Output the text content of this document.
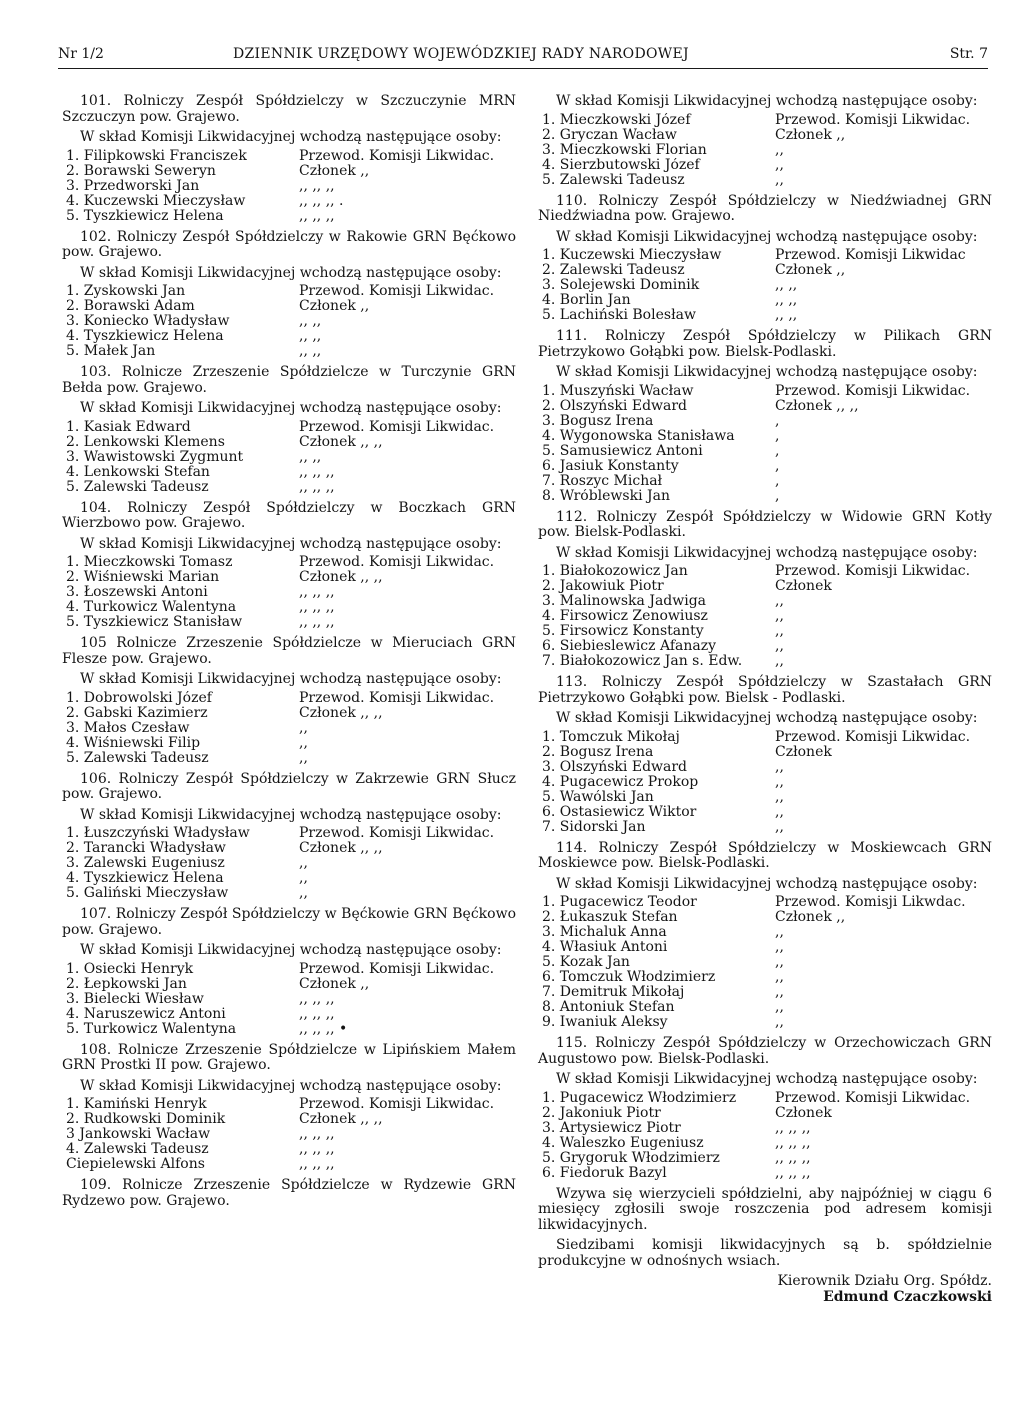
Nr 1/2	DZIENNIK URZĘDOWY WOJEWÓDZKIEJ RADY NARODOWEJ	Str. 7

101. Rolniczy Zespół Spółdzielczy w Szczuczynie MRN Szczuczyn pow. Grajewo.

W skład Komisji Likwidacyjnej wchodzą następujące osoby:

1. Filipkowski Franciszek	Przewod. Komisji Likwidac.
2. Borawski Seweryn	Członek ,,
3. Przedworski Jan	,, ,, ,,
4. Kuczewski Mieczysław	,, ,, ,, .
5. Tyszkiewicz Helena	,, ,, ,,

102. Rolniczy Zespół Spółdzielczy w Rakowie GRN Bęćkowo pow. Grajewo.

W skład Komisji Likwidacyjnej wchodzą następujące osoby:

1. Zyskowski Jan	Przewod. Komisji Likwidac.
2. Borawski Adam	Członek ,,
3. Koniecko Władysław	,, ,,
4. Tyszkiewicz Helena	,, ,,
5. Małek Jan	,, ,,

103. Rolnicze Zrzeszenie Spółdzielcze w Turczynie GRN Bełda pow. Grajewo.

W skład Komisji Likwidacyjnej wchodzą następujące osoby:

1. Kasiak Edward	Przewod. Komisji Likwidac.
2. Lenkowski Klemens	Członek ,, ,,
3. Wawistowski Zygmunt	,, ,,
4. Lenkowski Stefan	,, ,, ,,
5. Zalewski Tadeusz	,, ,, ,,

104. Rolniczy Zespół Spółdzielczy w Boczkach GRN Wierzbowo pow. Grajewo.

W skład Komisji Likwidacyjnej wchodzą następujące osoby:

1. Mieczkowski Tomasz	Przewod. Komisji Likwidac.
2. Wiśniewski Marian	Członek ,, ,,
3. Łoszewski Antoni	,, ,, ,,
4. Turkowicz Walentyna	,, ,, ,,
5. Tyszkiewicz Stanisław	,, ,, ,,

105 Rolnicze Zrzeszenie Spółdzielcze w Mieruciach GRN Flesze pow. Grajewo.

W skład Komisji Likwidacyjnej wchodzą następujące osoby:

1. Dobrowolski Józef	Przewod. Komisji Likwidac.
2. Gabski Kazimierz	Członek ,, ,,
3. Małos Czesław	,,
4. Wiśniewski Filip	,,
5. Zalewski Tadeusz	,,

106. Rolniczy Zespół Spółdzielczy w Zakrzewie GRN Słucz pow. Grajewo.

W skład Komisji Likwidacyjnej wchodzą następujące osoby:

1. Łuszczyński Władysław	Przewod. Komisji Likwidac.
2. Tarancki Władysław	Członek ,, ,,
3. Zalewski Eugeniusz	,,
4. Tyszkiewicz Helena	,,
5. Galiński Mieczysław	,,

107. Rolniczy Zespół Spółdzielczy w Bęćkowie GRN Bęćkowo pow. Grajewo.

W skład Komisji Likwidacyjnej wchodzą następujące osoby:

1. Osiecki Henryk	Przewod. Komisji Likwidac.
2. Łepkowski Jan	Członek ,,
3. Bielecki Wiesław	,, ,, ,,
4. Naruszewicz Antoni	,, ,, ,,
5. Turkowicz Walentyna	,, ,, ,, •

108. Rolnicze Zrzeszenie Spółdzielcze w Lipińskiem Małem GRN Prostki II pow. Grajewo.

W skład Komisji Likwidacyjnej wchodzą następujące osoby:

1. Kamiński Henryk	Przewod. Komisji Likwidac.
2. Rudkowski Dominik	Członek ,, ,,
3 Jankowski Wacław	,, ,, ,,
4. Zalewski Tadeusz	,, ,, ,,
Ciepielewski Alfons	,, ,, ,,

109. Rolnicze Zrzeszenie Spółdzielcze w Rydzewie GRN Rydzewo pow. Grajewo.

W skład Komisji Likwidacyjnej wchodzą następujące osoby:

1. Mieczkowski Józef	Przewod. Komisji Likwidac.
2. Gryczan Wacław	Członek ,,
3. Mieczkowski Florian	,,
4. Sierzbutowski Józef	,,
5. Zalewski Tadeusz	,,

110. Rolniczy Zespół Spółdzielczy w Niedźwiadnej GRN Niedźwiadna pow. Grajewo.

W skład Komisji Likwidacyjnej wchodzą następujące osoby:

1. Kuczewski Mieczysław	Przewod. Komisji Likwidac
2. Zalewski Tadeusz	Członek ,,
3. Solejewski Dominik	,, ,,
4. Borlin Jan	,, ,,
5. Lachiński Bolesław	,, ,,

111. Rolniczy Zespół Spółdzielczy w Pilikach GRN Pietrzykowo Gołąbki pow. Bielsk-Podlaski.

W skład Komisji Likwidacyjnej wchodzą następujące osoby:

1. Muszyński Wacław	Przewod. Komisji Likwidac.
2. Olszyński Edward	Członek ,, ,,
3. Bogusz Irena	,
4. Wygonowska Stanisława	,
5. Samusiewicz Antoni	,
6. Jasiuk Konstanty	,
7. Roszyc Michał	,
8. Wróblewski Jan	,

112. Rolniczy Zespół Spółdzielczy w Widowie GRN Kotły pow. Bielsk-Podlaski.

W skład Komisji Likwidacyjnej wchodzą następujące osoby:

1. Białokozowicz Jan	Przewod. Komisji Likwidac.
2. Jakowiuk Piotr	Członek
3. Malinowska Jadwiga	,,
4. Firsowicz Zenowiusz	,,
5. Firsowicz Konstanty	,,
6. Siebieslewicz Afanazy	,,
7. Białokozowicz Jan s. Edw.	,,

113. Rolniczy Zespół Spółdzielczy w Szastałach GRN Pietrzykowo Gołąbki pow. Bielsk - Podlaski.

W skład Komisji Likwidacyjnej wchodzą następujące osoby:

1. Tomczuk Mikołaj	Przewod. Komisji Likwidac.
2. Bogusz Irena	Członek
3. Olszyński Edward	,,
4. Pugacewicz Prokop	,,
5. Wawólski Jan	,,
6. Ostasiewicz Wiktor	,,
7. Sidorski Jan	,,

114. Rolniczy Zespół Spółdzielczy w Moskiewcach GRN Moskiewce pow. Bielsk-Podlaski.

W skład Komisji Likwidacyjnej wchodzą następujące osoby:

1. Pugacewicz Teodor	Przewod. Komisji Likwdac.
2. Łukaszuk Stefan	Członek ,,
3. Michaluk Anna	,,
4. Własiuk Antoni	,,
5. Kozak Jan	,,
6. Tomczuk Włodzimierz	,,
7. Demitruk Mikołaj	,,
8. Antoniuk Stefan	,,
9. Iwaniuk Aleksy	,,

115. Rolniczy Zespół Spółdzielczy w Orzechowiczach GRN Augustowo pow. Bielsk-Podlaski.

W skład Komisji Likwidacyjnej wchodzą następujące osoby:

1. Pugacewicz Włodzimierz	Przewod. Komisji Likwidac.
2. Jakoniuk Piotr	Członek
3. Artysiewicz Piotr	,, ,, ,,
4. Waleszko Eugeniusz	,, ,, ,,
5. Grygoruk Włodzimierz	,, ,, ,,
6. Fiedoruk Bazyl	,, ,, ,,

Wzywa się wierzycieli spółdzielni, aby najpóźniej w ciągu 6 miesięcy zgłosili swoje roszczenia pod adresem komisji likwidacyjnych.

Siedzibami komisji likwidacyjnych są b. spółdzielnie produkcyjne w odnośnych wsiach.

Kierownik Działu Org. Spółdz.
Edmund Czaczkowski
